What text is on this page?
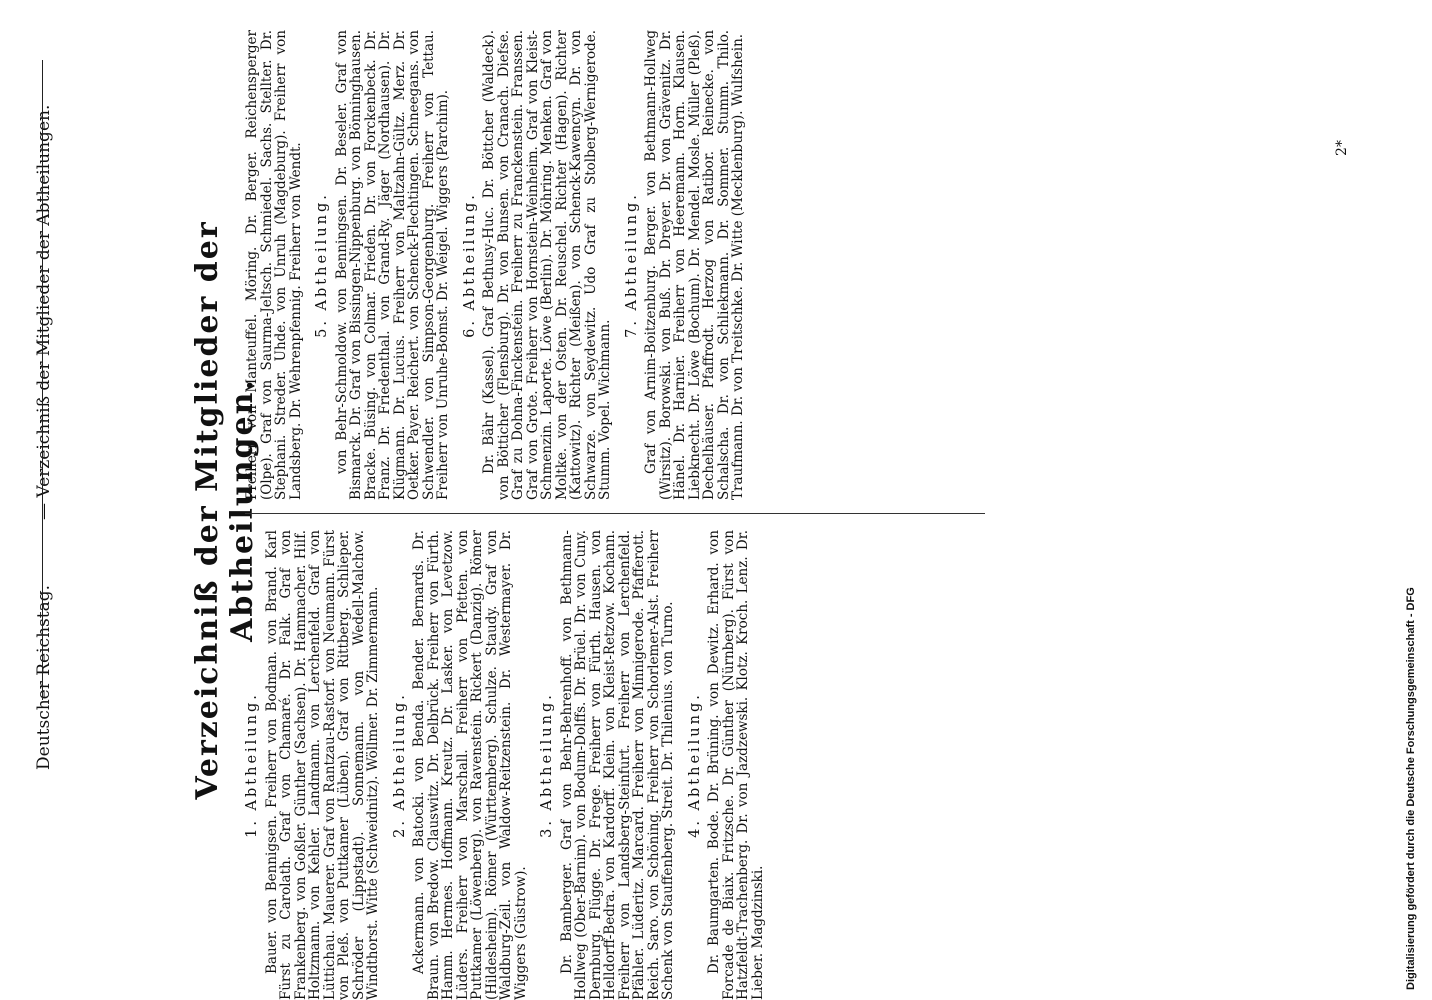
Deutscher Reichstag.
— Verzeichniß der Mitglieder der Abtheilungen.	Verzeichniß der Mitglieder der Abtheilungen.
1. Abtheilung. Bauer. von Bennigsen. Freiherr von Bodman. von Brand. Karl Fürst zu Carolath. Graf von Chamaré. Dr. Falk. Graf von Frankenberg. von Goßler. Günther (Sachsen). Dr. Hammacher. Hilf. Holtzmann. von Kehler. Landmann. von Lerchenfeld. Graf von Lüttichau. Mauerer. Graf von Rantzau-Rastorf. von Neumann. Fürst von Pleß. von Puttkamer (Lüben). Graf von Rittberg. Schlieper. Schröder (Lippstadt). Sonnemann. von Wedell-Malchow. Windthorst. Witte (Schweidnitz). Wöllmer. Dr. Zimmermann. 2. Abtheilung. Ackermann. von Batocki. von Benda. Bender. Bernards. Dr. Braun. von Bredow. Clauswitz. Dr. Delbrück. Freiherr von Fürth. Hamm. Hermes. Hoffmann. Kreutz. Dr. Lasker. von Levetzow. Lüders. Freiherr von Marschall. Freiherr von Pfetten. von Puttkamer (Löwenberg). von Ravenstein. Rickert (Danzig). Römer (Hildesheim). Römer (Württemberg). Schulze. Staudy. Graf von Waldburg-Zeil. von Waldow-Reitzenstein. Dr. Westermayer. Dr. Wiggers (Güstrow).

3. Abtheilung. Dr. Bamberger. Graf von Behr-Behrenhoff. von Bethmann-Hollweg (Ober-Barnim). von Bodum-Dolffs. Dr. Brüel. Dr. von Cuny. Dernburg. Flügge. Dr. Frege. Freiherr von Fürth. Hausen. von Helldorff-Bedra. von Kardorff. Klein. von Kleist-Retzow. Kochann. Freiherr von Landsberg-Steinfurt. Freiherr von Lerchenfeld. Pfähler. Lüderitz. Marcard. Freiherr von Minnigerode. Pfafferott. Reich. Saro. von Schöning. Freiherr von Schorlemer-Alst. Freiherr Schenk von Stauffenberg. Streit. Dr. Thilenius. von Turno. 4. Abtheilung. Dr. Baumgarten. Bode. Dr. Brüning. von Dewitz. Erhard. von Forcade de Biaix. Fritzsche. Dr. Günther (Nürnberg). Fürst von Hatzfeldt-Trachenberg. Dr. von Jazdzewski. Klotz. Kroch. Lenz. Dr. Lieber. Magdzinski.

Freiherr von Manteuffel. Möring. Dr. Berger. Reichensperger (Olpe). Graf von Saurma-Jeltsch. Schmiedel. Sachs. Stellter. Dr. Stephani. Streder. Uhde. von Unruh (Magdeburg). Freiherr von Landsberg. Dr. Wehrenpfennig. Freiherr von Wendt. 5. Abtheilung. von Behr-Schmoldow. von Benningsen. Dr. Beseler. Graf von Bismarck. Dr. Graf von Bissingen-Nippenburg. von Bönninghausen. Bracke. Büsing. von Colmar. Frieden. Dr. von Forckenbeck. Dr. Franz. Dr. Friedenthal. von Grand-Ry. Jäger (Nordhausen). Dr. Klügmann. Dr. Lucius. Freiherr von Maltzahn-Gültz. Merz. Dr. Oetker. Payer. Reichert. von Schenck-Flechtingen. Schneegans. von Schwendler. von Simpson-Georgenburg. Freiherr von Tettau. Freiherr von Unruhe-Bomst. Dr. Weigel. Wiggers (Parchim). 6. Abtheilung. Dr. Bähr (Kassel). Graf Bethusy-Huc. Dr. Böttcher (Waldeck). von Bötticher (Flensburg). Dr. von Bunsen. von Cranach. Diefse. Graf zu Dohna-Finckenstein. Freiherr zu Franckenstein. Franssen. Graf von Grote. Freiherr von Hornstein-Weinheim. Graf von Kleist-Schmenzin. Laporte. Löwe (Berlin). Dr. Möhring. Menken. Graf von Moltke. von der Osten. Dr. Reuschel. Richter (Hagen). Richter (Kattowitz). Richter (Meißen). von Schenck-Kawencyn. Dr. von Schwarze. von Seydewitz. Udo Graf zu Stolberg-Wernigerode. Stumm. Vopel. Wichmann.

7. Abtheilung. Graf von Arnim-Boitzenburg. Berger. von Bethmann-Hollweg (Wirsitz). Borowski. von Buß. Dr. Dreyer. Dr. von Grävenitz. Dr. Hänel. Dr. Harnier. Freiherr von Heeremann. Horn. Klausen. Liebknecht. Dr. Löwe (Bochum). Dr. Mendel. Mosle. Müller (Pleß). Dechelhäuser. Pfaffrodt. Herzog von Ratibor. Reinecke. von Schalscha. Dr. von Schliekmann. Dr. Sommer. Stumm. Thilo. Traufmann. Dr. von Treitschke. Dr. Witte (Mecklenburg). Wulfshein.	2*
Digitalisierung gefördert durch die Deutsche Forschungsgemeinschaft - DFG
